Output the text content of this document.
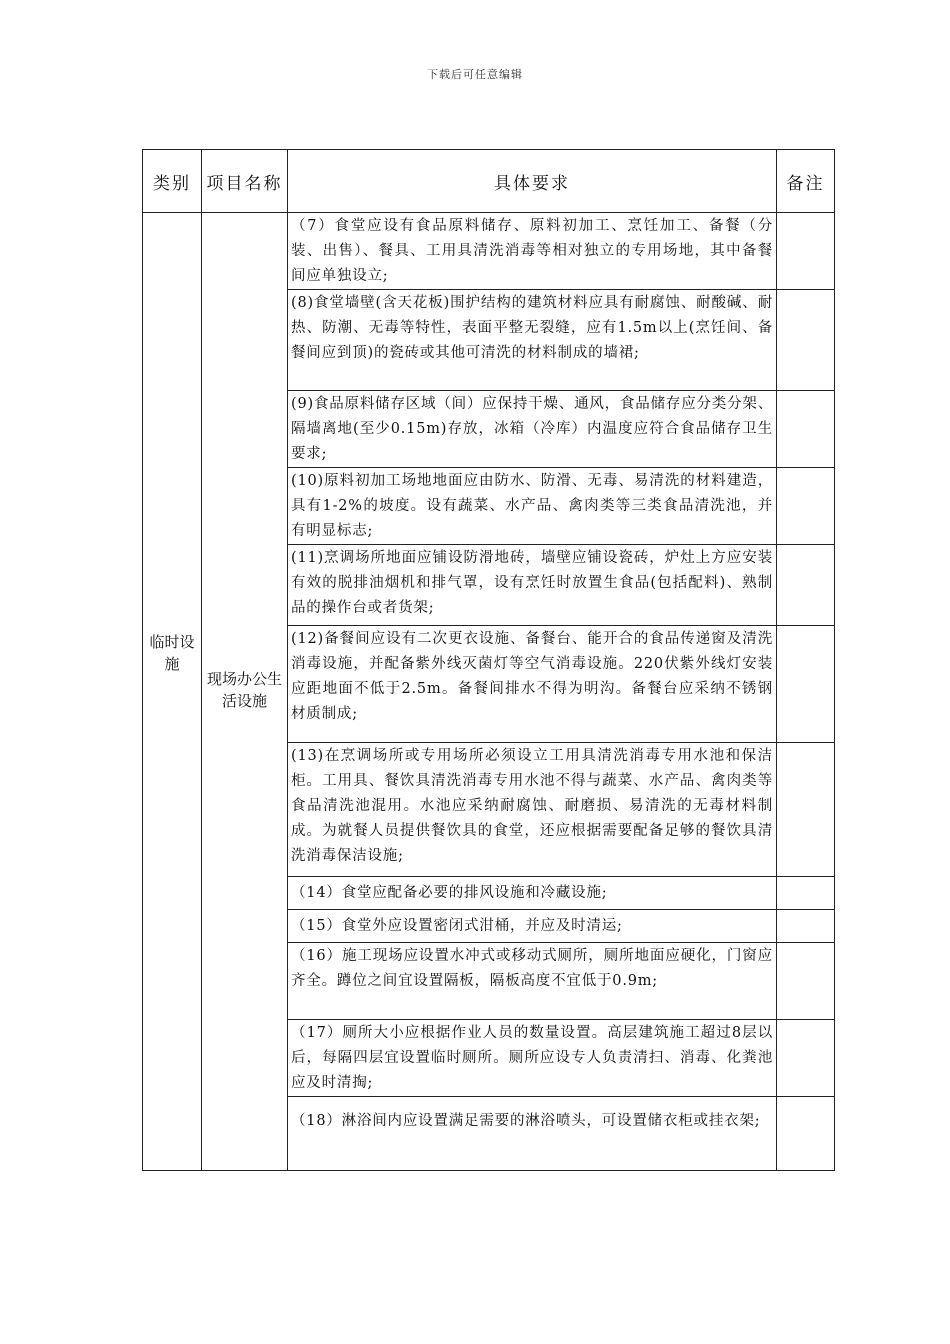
下载后可任意编辑
类别	项目名称	具体要求	备注
临时设施	现场办公生活设施	（7）食堂应设有食品原料储存、原料初加工、烹饪加工、备餐（分装、出售）、餐具、工用具清洗消毒等相对独立的专用场地，其中备餐间应单独设立;	

		(8)食堂墙壁(含天花板)围护结构的建筑材料应具有耐腐蚀、耐酸碱、耐热、防潮、无毒等特性，表面平整无裂缝，应有1.5m以上(烹饪间、备餐间应到顶)的瓷砖或其他可清洗的材料制成的墙裙;	

		(9)食品原料储存区域（间）应保持干燥、通风，食品储存应分类分架、隔墙离地(至少0.15m)存放，冰箱（冷库）内温度应符合食品储存卫生要求;	

		(10)原料初加工场地地面应由防水、防滑、无毒、易清洗的材料建造，具有1-2%的坡度。设有蔬菜、水产品、禽肉类等三类食品清洗池，并有明显标志;	

		(11)烹调场所地面应铺设防滑地砖，墙壁应铺设瓷砖，炉灶上方应安装有效的脱排油烟机和排气罩，设有烹饪时放置生食品(包括配料)、熟制品的操作台或者货架;	

		(12)备餐间应设有二次更衣设施、备餐台、能开合的食品传递窗及清洗消毒设施，并配备紫外线灭菌灯等空气消毒设施。220伏紫外线灯安装应距地面不低于2.5m。备餐间排水不得为明沟。备餐台应采纳不锈钢材质制成;	

		(13)在烹调场所或专用场所必须设立工用具清洗消毒专用水池和保洁柜。工用具、餐饮具清洗消毒专用水池不得与蔬菜、水产品、禽肉类等食品清洗池混用。水池应采纳耐腐蚀、耐磨损、易清洗的无毒材料制成。为就餐人员提供餐饮具的食堂，还应根据需要配备足够的餐饮具清洗消毒保洁设施;	

		（14）食堂应配备必要的排风设施和冷藏设施;	

		（15）食堂外应设置密闭式泔桶，并应及时清运;	

		（16）施工现场应设置水冲式或移动式厕所，厕所地面应硬化，门窗应齐全。蹲位之间宜设置隔板，隔板高度不宜低于0.9m;	

		（17）厕所大小应根据作业人员的数量设置。高层建筑施工超过8层以后，每隔四层宜设置临时厕所。厕所应设专人负责清扫、消毒、化粪池应及时清掏;	

		（18）淋浴间内应设置满足需要的淋浴喷头，可设置储衣柜或挂衣架;	
